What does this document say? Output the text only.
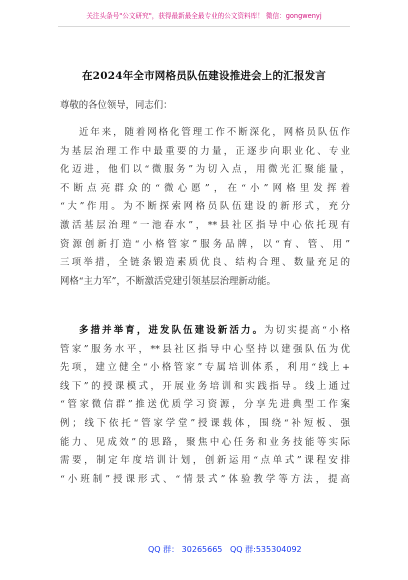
关注头条号"公文研究"，获得最新最全最专业的公文资料库！ 微信：gongwenyj
在2024年全市网格员队伍建设推进会上的汇报发言
尊敬的各位领导，同志们：
近年来，随着网格化管理工作不断深化，网格员队伍作
为基层治理工作中最重要的力量，正逐步向职业化、专业
化迈进，他们以“微服务”为切入点，用微光汇聚能量，
不断点亮群众的“微心愿”，在“小”网格里发挥着
“大”作用。为不断探索网格员队伍建设的新形式，充分
激活基层治理“一池春水”，**县社区指导中心依托现有
资源创新打造“小格管家”服务品牌，以“育、管、用”
三项举措，全链条锻造素质优良、结构合理、数量充足的
网格“主力军”，不断激活党建引领基层治理新动能。
多措并举育，进发队伍建设新活力。为切实提高“小格
管家”服务水平，**县社区指导中心坚持以建强队伍为优
先项，建立健全“小格管家”专属培训体系，利用“线上+
线下”的授课模式，开展业务培训和实践指导。线上通过
“管家微信群”推送优质学习资源，分享先进典型工作案
例；线下依托“管家学堂”授课载体，围绕“补短板、强
能力、见成效”的思路，聚焦中心任务和业务技能等实际
需要，制定年度培训计划，创新运用“点单式”课程安排
“小班制”授课形式、“情景式”体验教学等方法，提高
QQ 群： 30265665 QQ 群:535304092
